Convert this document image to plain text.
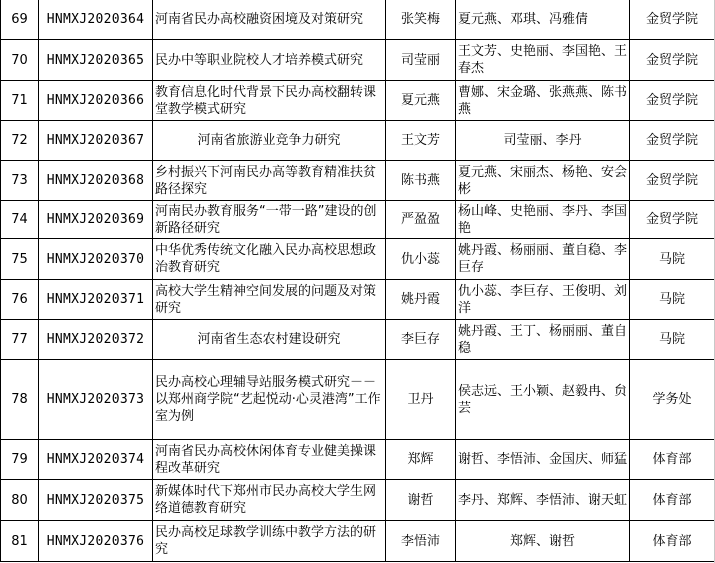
69	HNMXJ2020364	河南省民办高校融资困境及对策研究	张笑梅	夏元燕、邓琪、冯雅倩	金贸学院
70	HNMXJ2020365	民办中等职业院校人才培养模式研究	司莹丽	王文芳、史艳丽、李国艳、王春杰	金贸学院
71	HNMXJ2020366	教育信息化时代背景下民办高校翻转课堂教学模式研究	夏元燕	曹娜、宋金璐、张燕燕、陈书燕	金贸学院
72	HNMXJ2020367	河南省旅游业竞争力研究	王文芳	司莹丽、李丹	金贸学院
73	HNMXJ2020368	乡村振兴下河南民办高等教育精准扶贫路径探究	陈书燕	夏元燕、宋丽杰、杨艳、安会彬	金贸学院
74	HNMXJ2020369	河南民办教育服务“一带一路”建设的创新路径研究	严盈盈	杨山峰、史艳丽、李丹、李国艳	金贸学院
75	HNMXJ2020370	中华优秀传统文化融入民办高校思想政治教育研究	仇小蕊	姚丹霞、杨丽丽、董自稳、李巨存	马院
76	HNMXJ2020371	高校大学生精神空间发展的问题及对策研究	姚丹霞	仇小蕊、李巨存、王俊明、刘洋	马院
77	HNMXJ2020372	河南省生态农村建设研究	李巨存	姚丹霞、王丁、杨丽丽、董自稳	马院
78	HNMXJ2020373	民办高校心理辅导站服务模式研究－－以郑州商学院“艺起悦动·心灵港湾”工作室为例	卫丹	侯志远、王小颖、赵毅冉、贠芸	学务处
79	HNMXJ2020374	河南省民办高校休闲体育专业健美操课程改革研究	郑辉	谢哲、李悟沛、金国庆、师猛	体育部
80	HNMXJ2020375	新媒体时代下郑州市民办高校大学生网络道德教育研究	谢哲	李丹、郑辉、李悟沛、谢天虹	体育部
81	HNMXJ2020376	民办高校足球教学训练中教学方法的研究	李悟沛	郑辉、谢哲	体育部
